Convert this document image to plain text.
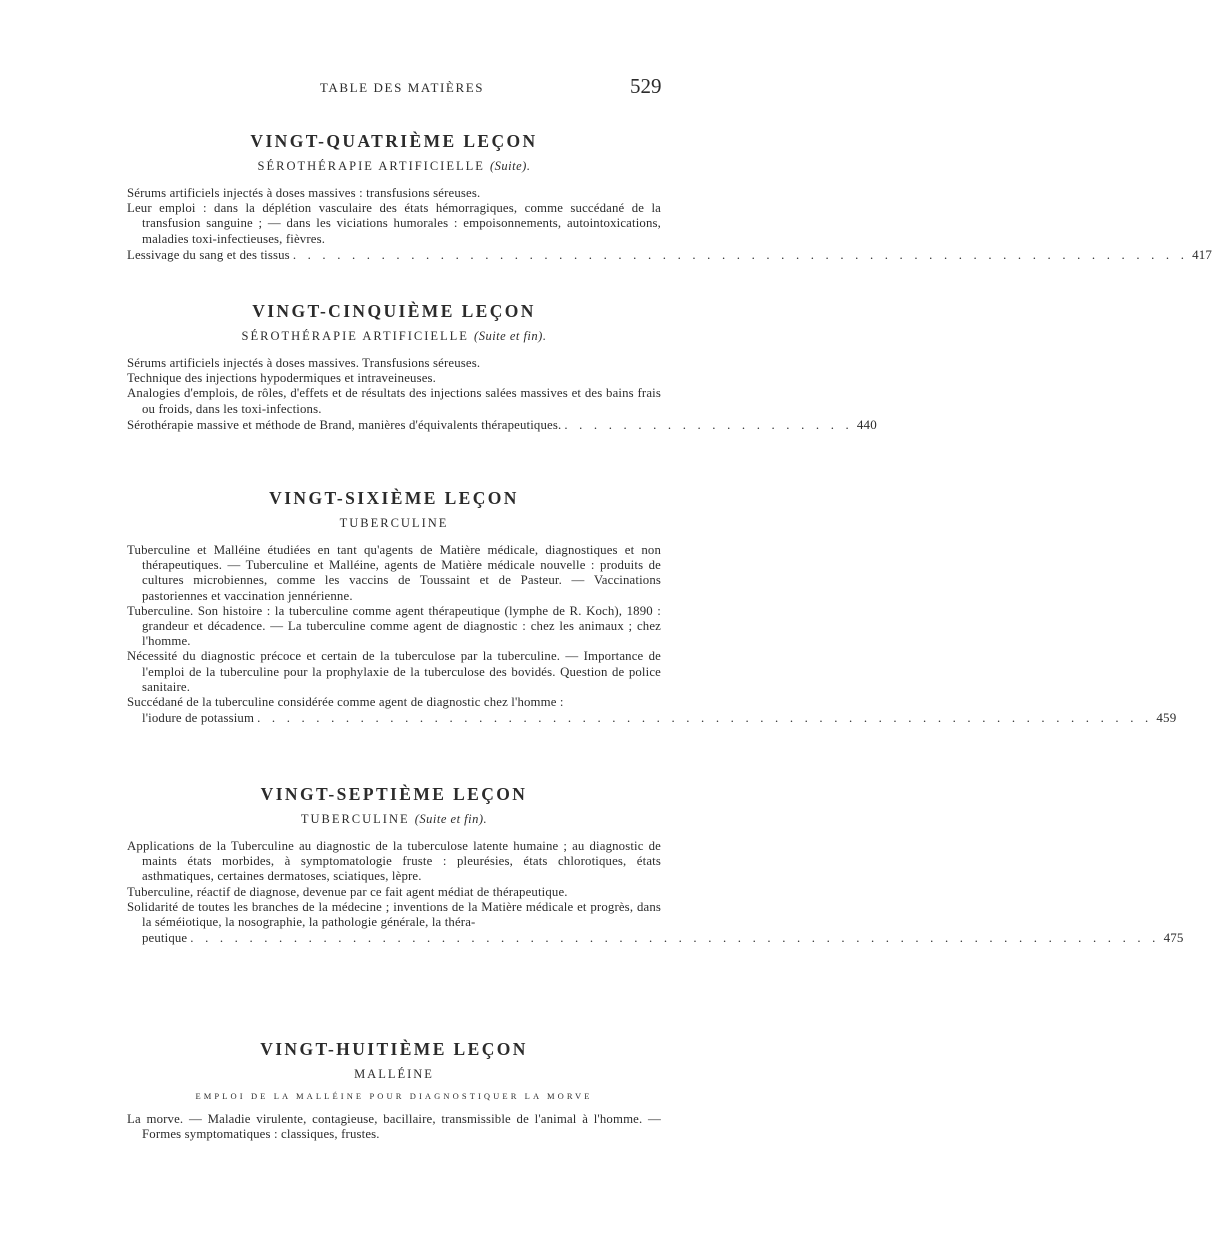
TABLE DES MATIÈRES	529
VINGT-QUATRIÈME LEÇON

SÉROTHÉRAPIE ARTIFICIELLE (Suite).

Sérums artificiels injectés à doses massives : transfusions séreuses.

Leur emploi : dans la déplétion vasculaire des états hémorragiques, comme succédané de la transfusion sanguine ; — dans les viciations humorales : empoisonnements, autointoxications, maladies toxi-infectieuses, fièvres.

Lessivage du sang et des tissus . . . . . . . . . . . . . . . . . . . . . . . . . . . . . . . . . . . . . . . . . . . . . . . . . . . . . . . . . . . . . 417
VINGT-CINQUIÈME LEÇON

SÉROTHÉRAPIE ARTIFICIELLE (Suite et fin).

Sérums artificiels injectés à doses massives. Transfusions séreuses.

Technique des injections hypodermiques et intraveineuses.

Analogies d'emplois, de rôles, d'effets et de résultats des injections salées massives et des bains frais ou froids, dans les toxi-infections.

Sérothérapie massive et méthode de Brand, manières d'équivalents thérapeutiques. . . . . . . . . . . . . . . . . . . . . 440
VINGT-SIXIÈME LEÇON

TUBERCULINE

Tuberculine et Malléine étudiées en tant qu'agents de Matière médicale, diagnostiques et non thérapeutiques. — Tuberculine et Malléine, agents de Matière médicale nouvelle : produits de cultures microbiennes, comme les vaccins de Toussaint et de Pasteur. — Vaccinations pastoriennes et vaccination jennérienne.

Tuberculine. Son histoire : la tuberculine comme agent thérapeutique (lymphe de R. Koch), 1890 : grandeur et décadence. — La tuberculine comme agent de diagnostic : chez les animaux ; chez l'homme.

Nécessité du diagnostic précoce et certain de la tuberculose par la tuberculine. — Importance de l'emploi de la tuberculine pour la prophylaxie de la tuberculose des bovidés. Question de police sanitaire.

Succédané de la tuberculine considérée comme agent de diagnostic chez l'homme :

l'iodure de potassium . . . . . . . . . . . . . . . . . . . . . . . . . . . . . . . . . . . . . . . . . . . . . . . . . . . . . . . . . . . . . 459
VINGT-SEPTIÈME LEÇON

TUBERCULINE (Suite et fin).

Applications de la Tuberculine au diagnostic de la tuberculose latente humaine ; au diagnostic de maints états morbides, à symptomatologie fruste : pleurésies, états chlorotiques, états asthmatiques, certaines dermatoses, sciatiques, lèpre.

Tuberculine, réactif de diagnose, devenue par ce fait agent médiat de thérapeutique.

Solidarité de toutes les branches de la médecine ; inventions de la Matière médicale et progrès, dans la séméiotique, la nosographie, la pathologie générale, la théra-

peutique . . . . . . . . . . . . . . . . . . . . . . . . . . . . . . . . . . . . . . . . . . . . . . . . . . . . . . . . . . . . . . . . . . 475
VINGT-HUITIÈME LEÇON

MALLÉINE

EMPLOI DE LA MALLÉINE POUR DIAGNOSTIQUER LA MORVE

La morve. — Maladie virulente, contagieuse, bacillaire, transmissible de l'animal à l'homme. — Formes symptomatiques : classiques, frustes.
